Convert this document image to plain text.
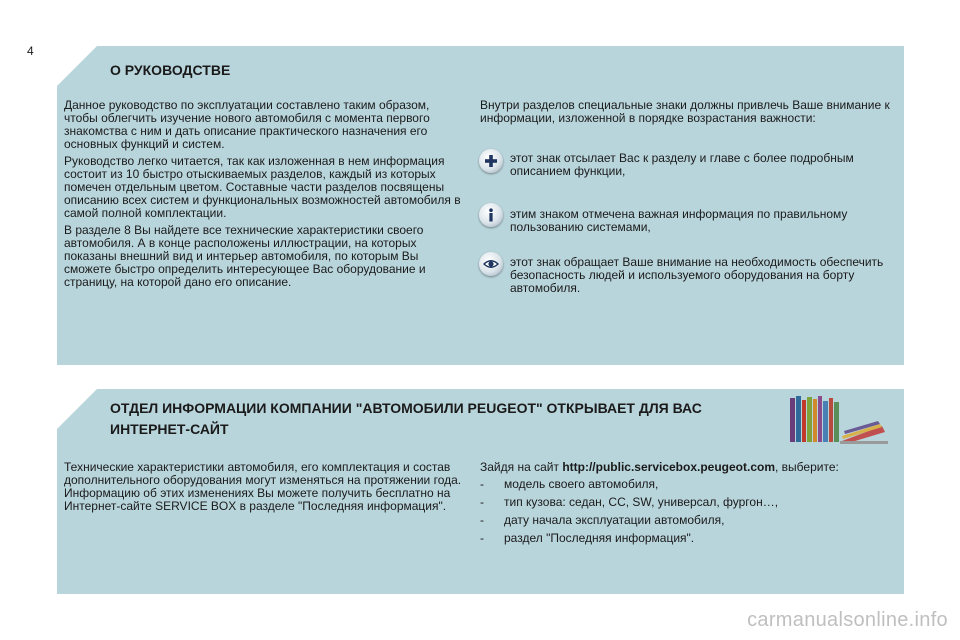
4
О РУКОВОДСТВЕ

Данное руководство по эксплуатации составлено таким образом, чтобы облегчить изучение нового автомобиля с момента первого знакомства с ним и дать описание практического назначения его основных функций и систем.

Руководство легко читается, так как изложенная в нем информация состоит из 10 быстро отыскиваемых разделов, каждый из которых помечен отдельным цветом. Составные части разделов посвящены описанию всех систем и функциональных возможностей автомобиля в самой полной комплектации.

В разделе 8 Вы найдете все технические характеристики своего автомобиля. А в конце расположены иллюстрации, на которых показаны внешний вид и интерьер автомобиля, по которым Вы сможете быстро определить интересующее Вас оборудование и страницу, на которой дано его описание.

Внутри разделов специальные знаки должны привлечь Ваше внимание к информации, изложенной в порядке возрастания важности:
этот знак отсылает Вас к разделу и главе с более подробным описанием функции,
этим знаком отмечена важная информация по правильному пользованию системами,
этот знак обращает Ваше внимание на необходимость обеспечить безопасность людей и используемого оборудования на борту автомобиля.
ОТДЕЛ ИНФОРМАЦИИ КОМПАНИИ "АВТОМОБИЛИ PEUGEOT" ОТКРЫВАЕТ ДЛЯ ВАС ИНТЕРНЕТ-САЙТ
Технические характеристики автомобиля, его комплектация и состав дополнительного оборудования могут изменяться на протяжении года. Информацию об этих изменениях Вы можете получить бесплатно на Интернет-сайте SERVICE BOX в разделе "Последняя информация".
Зайдя на сайт http://public.servicebox.peugeot.com, выберите:
- модель своего автомобиля,
- тип кузова: седан, CC, SW, универсал, фургон…,
- дату начала эксплуатации автомобиля,
- раздел "Последняя информация".
carmanualsonline.info
